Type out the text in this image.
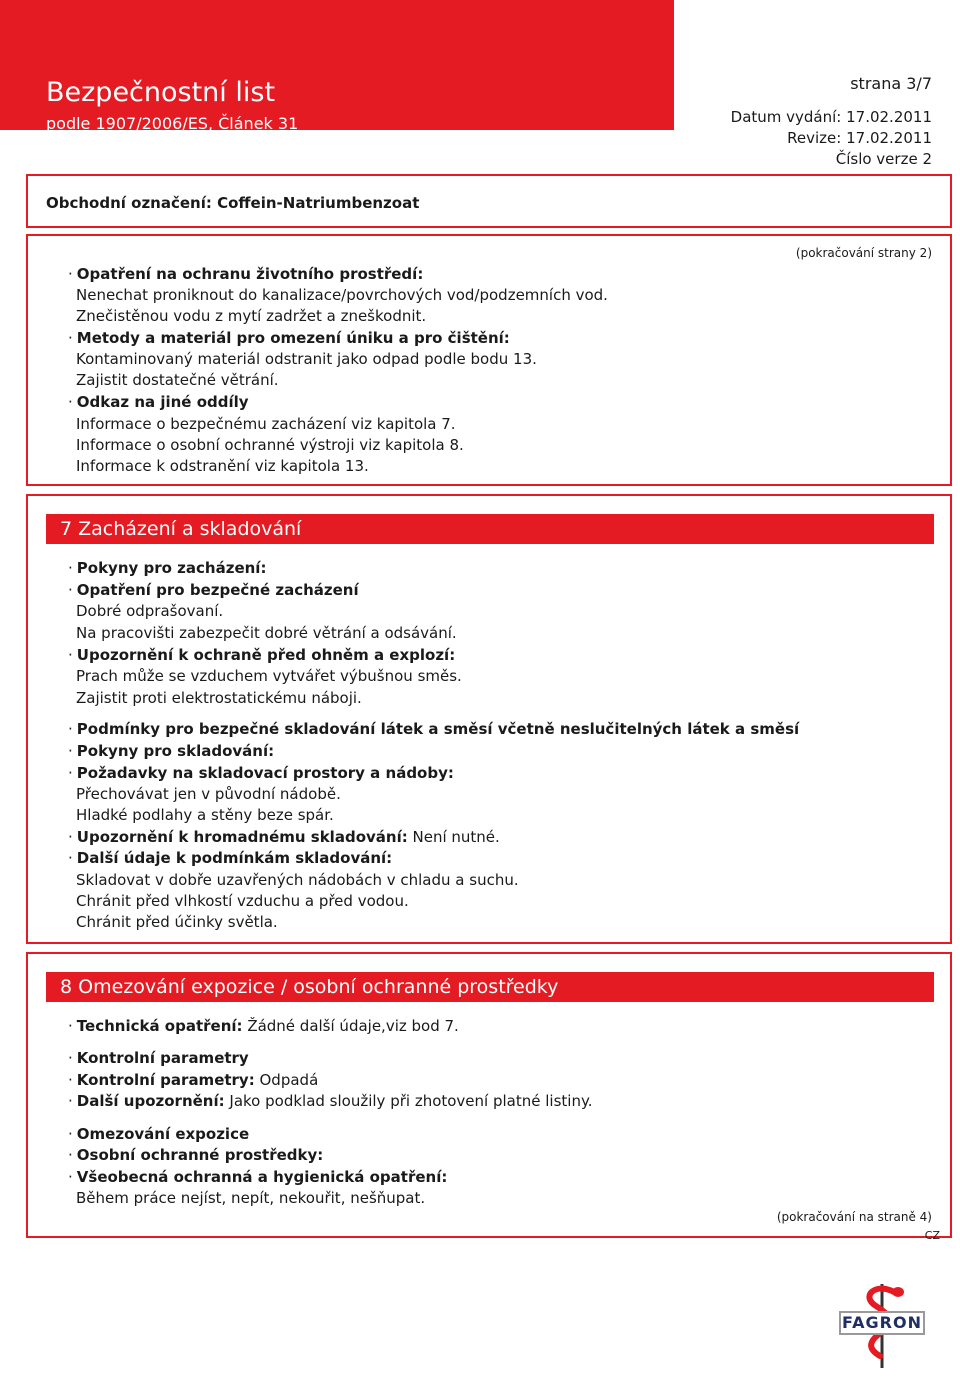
Bezpečnostní list
podle 1907/2006/ES, Článek 31
strana 3/7
Datum vydání: 17.02.2011
Revize: 17.02.2011
Číslo verze 2
Obchodní označení: Coffein-Natriumbenzoat
(pokračování strany 2)
· Opatření na ochranu životního prostředí:
Nenechat proniknout do kanalizace/povrchových vod/podzemních vod.
Znečistěnou vodu z mytí zadržet a zneškodnit.
· Metody a materiál pro omezení úniku a pro čištění:
Kontaminovaný materiál odstranit jako odpad podle bodu 13.
Zajistit dostatečné větrání.
· Odkaz na jiné oddíly
Informace o bezpečnému zacházení viz kapitola 7.
Informace o osobní ochranné výstroji viz kapitola 8.
Informace k odstranění viz kapitola 13.
7 Zacházení a skladování
· Pokyny pro zacházení:
· Opatření pro bezpečné zacházení
Dobré odprašovaní.
Na pracovišti zabezpečit dobré větrání a odsávání.
· Upozornění k ochraně před ohněm a explozí:
Prach může se vzduchem vytvářet výbušnou směs.
Zajistit proti elektrostatickému náboji.
· Podmínky pro bezpečné skladování látek a směsí včetně neslučitelných látek a směsí
· Pokyny pro skladování:
· Požadavky na skladovací prostory a nádoby:
Přechovávat jen v původní nádobě.
Hladké podlahy a stěny beze spár.
· Upozornění k hromadnému skladování: Není nutné.
· Další údaje k podmínkám skladování:
Skladovat v dobře uzavřených nádobách v chladu a suchu.
Chránit před vlhkostí vzduchu a před vodou.
Chránit před účinky světla.
8 Omezování expozice / osobní ochranné prostředky
· Technická opatření: Žádné další údaje,viz bod 7.
· Kontrolní parametry
· Kontrolní parametry: Odpadá
· Další upozornění: Jako podklad sloužily při zhotovení platné listiny.
· Omezování expozice
· Osobní ochranné prostředky:
· Všeobecná ochranná a hygienická opatření:
Během práce nejíst, nepít, nekouřit, nešňupat.
(pokračování na straně 4)
CZ
FAGRON
